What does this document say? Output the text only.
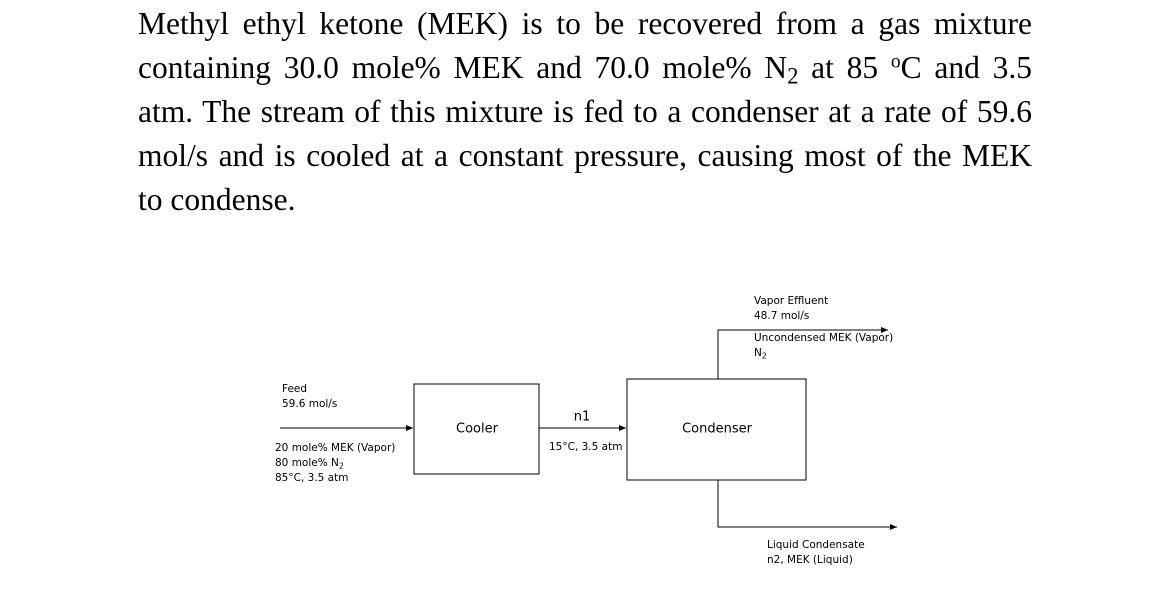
Methyl ethyl ketone (MEK) is to be recovered from a gas mixture containing 30.0 mole% MEK and 70.0 mole% $N_2$ at 85 $^o$C and 3.5 atm. The stream of this mixture is fed to a condenser at a rate of 59.6 mol/s and is cooled at a constant pressure, causing most of the MEK to condense.

Feed
59.6 mol/s
20 mole% MEK (Vapor)
80 mole% $N_2$
85°C, 3.5 atm
Cooler
n1
15°C, 3.5 atm
Condenser
Vapor Effluent
48.7 mol/s
Uncondensed MEK (Vapor)
$N_2$
Liquid Condensate
n2, MEK (Liquid)
